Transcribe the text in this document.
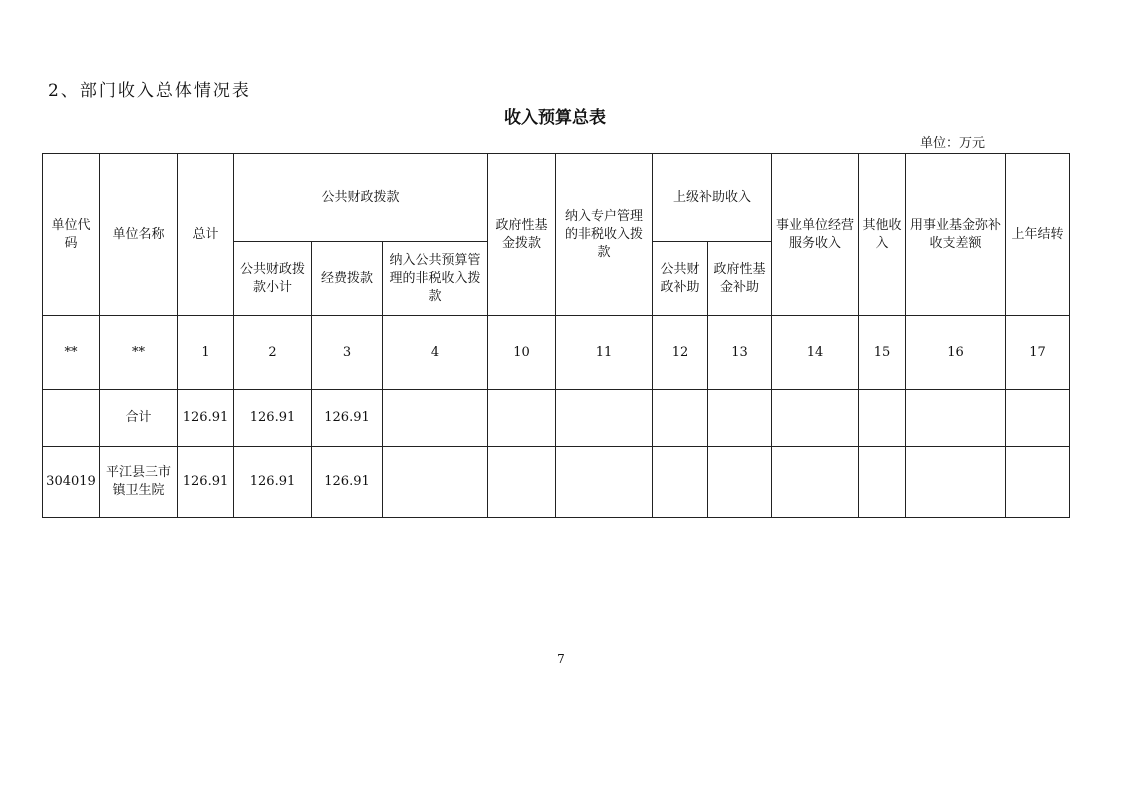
2、部门收入总体情况表
收入预算总表
单位：万元
单位代码	单位名称	总计	公共财政拨款			政府性基金拨款	纳入专户管理的非税收入拨款	上级补助收入		事业单位经营服务收入	其他收入	用事业基金弥补收支差额	上年结转
			公共财政拨款小计	经费拨款	纳入公共预算管理的非税收入拨款			公共财政补助	政府性基金补助				
**	**	1	2	3	4	10	11	12	13	14	15	16	17
	合计	126.91	126.91	126.91									
304019	平江县三市镇卫生院	126.91	126.91	126.91									
7
